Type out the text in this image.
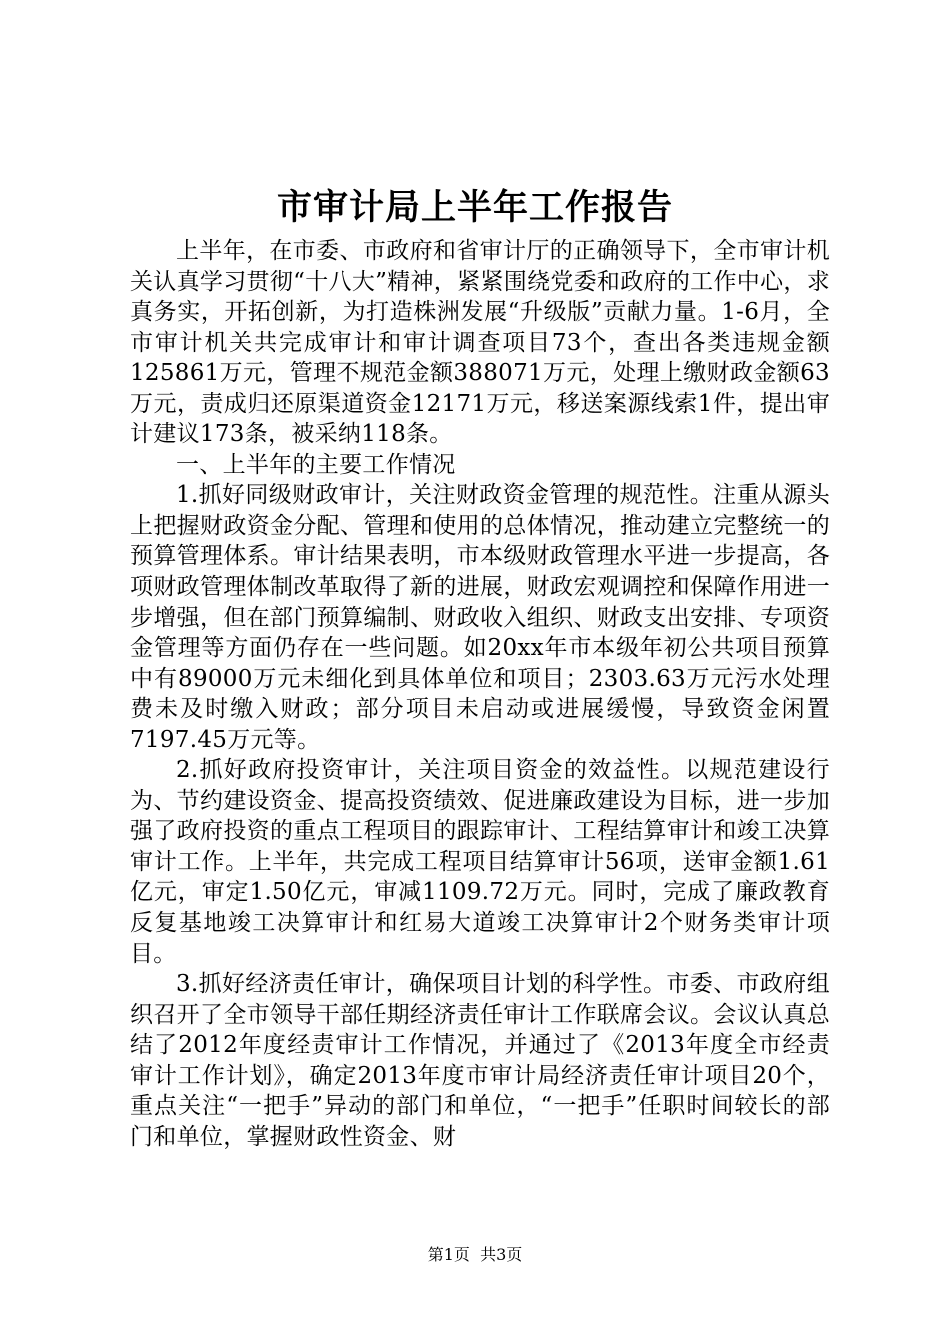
市审计局上半年工作报告

上半年，在市委、市政府和省审计厅的正确领导下，全市审计机关认真学习贯彻“十八大”精神，紧紧围绕党委和政府的工作中心，求真务实，开拓创新，为打造株洲发展“升级版”贡献力量。1-6月，全市审计机关共完成审计和审计调查项目73个，查出各类违规金额125861万元，管理不规范金额388071万元，处理上缴财政金额63万元，责成归还原渠道资金12171万元，移送案源线索1件，提出审计建议173条，被采纳118条。

一、上半年的主要工作情况

1.抓好同级财政审计，关注财政资金管理的规范性。注重从源头上把握财政资金分配、管理和使用的总体情况，推动建立完整统一的预算管理体系。审计结果表明，市本级财政管理水平进一步提高，各项财政管理体制改革取得了新的进展，财政宏观调控和保障作用进一步增强，但在部门预算编制、财政收入组织、财政支出安排、专项资金管理等方面仍存在一些问题。如20xx年市本级年初公共项目预算中有89000万元未细化到具体单位和项目；2303.63万元污水处理费未及时缴入财政；部分项目未启动或进展缓慢，导致资金闲置7197.45万元等。

2.抓好政府投资审计，关注项目资金的效益性。以规范建设行为、节约建设资金、提高投资绩效、促进廉政建设为目标，进一步加强了政府投资的重点工程项目的跟踪审计、工程结算审计和竣工决算审计工作。上半年，共完成工程项目结算审计56项，送审金额1.61亿元，审定1.50亿元，审减1109.72万元。同时，完成了廉政教育反复基地竣工决算审计和红易大道竣工决算审计2个财务类审计项目。

3.抓好经济责任审计，确保项目计划的科学性。市委、市政府组织召开了全市领导干部任期经济责任审计工作联席会议。会议认真总结了2012年度经责审计工作情况，并通过了《2013年度全市经责审计工作计划》，确定2013年度市审计局经济责任审计项目20个，重点关注“一把手”异动的部门和单位，“一把手”任职时间较长的部门和单位，掌握财政性资金、财

第1页 共3页
